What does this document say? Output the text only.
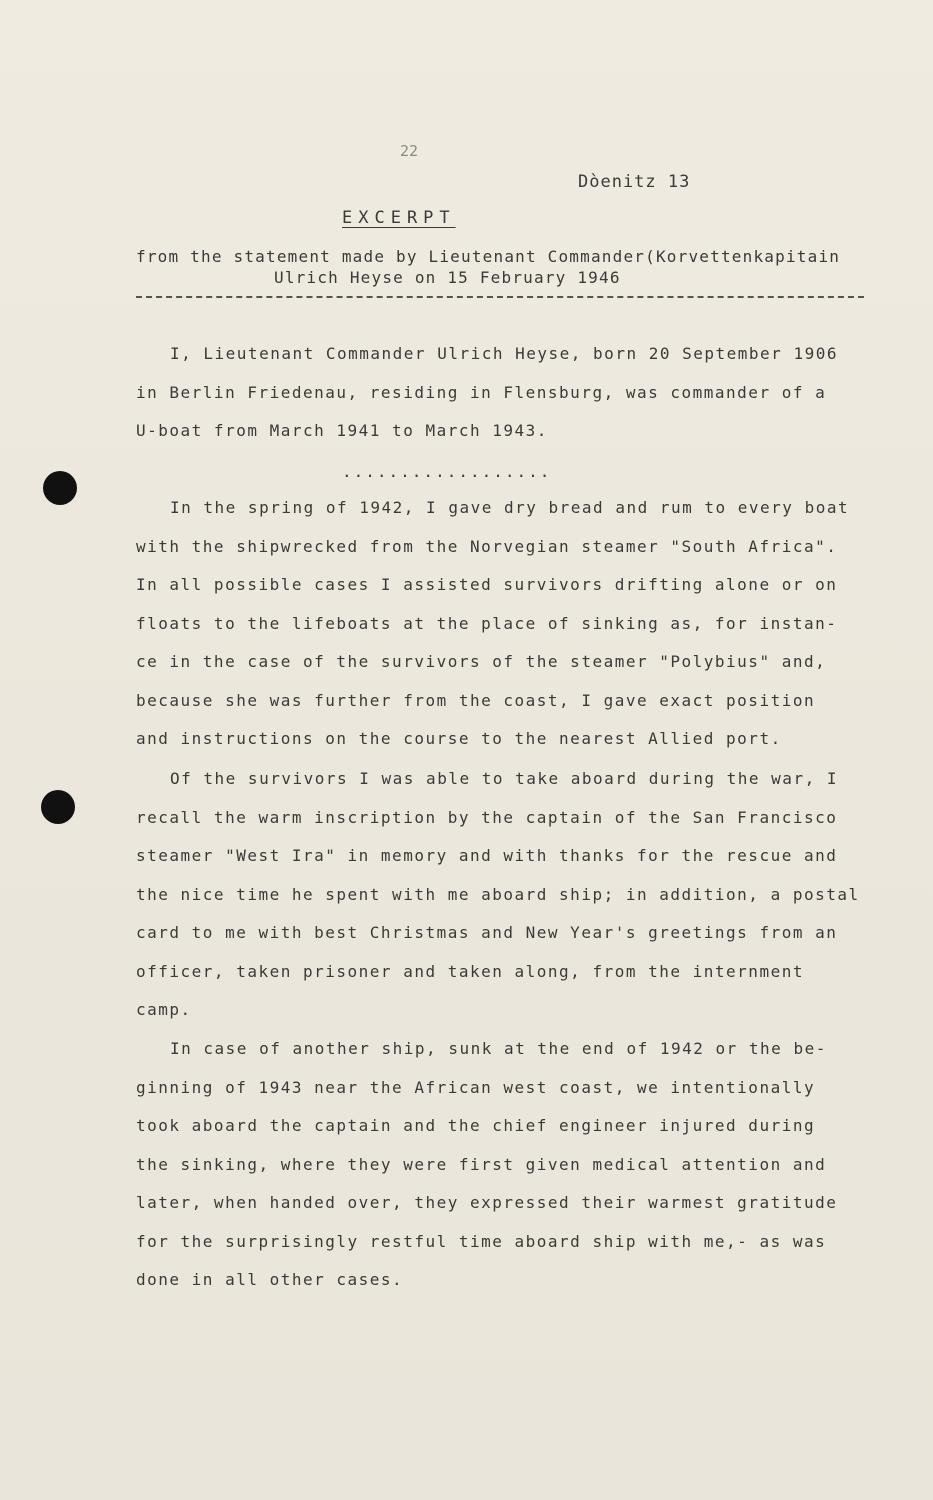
22
Dòenitz 13
EXCERPT
from the statement made by Lieutenant Commander(Korvettenkapitain
Ulrich Heyse on 15 February 1946
I, Lieutenant Commander Ulrich Heyse, born 20 September 1906
in Berlin Friedenau, residing in Flensburg, was commander of a
U-boat from March 1941 to March 1943.
..................
In the spring of 1942, I gave dry bread and rum to every boat
with the shipwrecked from the Norvegian steamer "South Africa".
In all possible cases I assisted survivors drifting alone or on
floats to the lifeboats at the place of sinking as, for instan-
ce in the case of the survivors of the steamer "Polybius" and,
because she was further from the coast, I gave exact position
and instructions on the course to the nearest Allied port.
Of the survivors I was able to take aboard during the war, I
recall the warm inscription by the captain of the San Francisco
steamer "West Ira" in memory and with thanks for the rescue and
the nice time he spent with me aboard ship; in addition, a postal
card to me with best Christmas and New Year's greetings from an
officer, taken prisoner and taken along, from the internment
camp.
In case of another ship, sunk at the end of 1942 or the be-
ginning of 1943 near the African west coast, we intentionally
took aboard the captain and the chief engineer injured during
the sinking, where they were first given medical attention and
later, when handed over, they expressed their warmest gratitude
for the surprisingly restful time aboard ship with me,- as was
done in all other cases.
